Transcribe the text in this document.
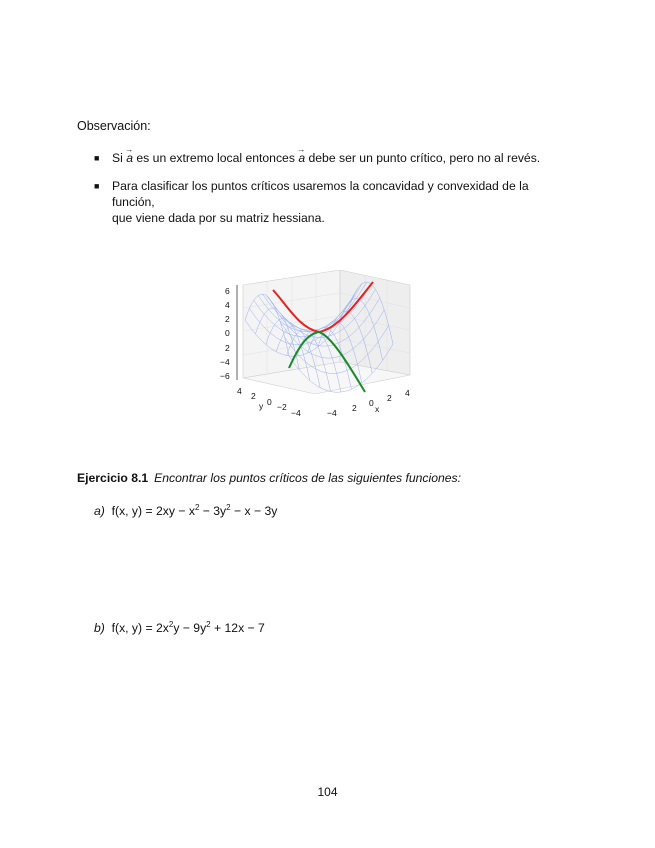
Observación:
■	Si → a es un extremo local entonces → a debe ser un punto crítico, pero no al revés.
■	Para clasificar los puntos críticos usaremos la concavidad y convexidad de la función,
que viene dada por su matriz hessiana.
6
4
2
0
2
−4
−6
4 2
0 −2
−4
y
−4 2 0 2 4
x
Ejercicio 8.1 Encontrar los puntos críticos de las siguientes funciones:
a) f(x, $y) = 2xy - x^2 - 3y^2 - x - 3y$
b) f(x, $y) = 2x^2y - 9y^2 + 12x - 7$
104
